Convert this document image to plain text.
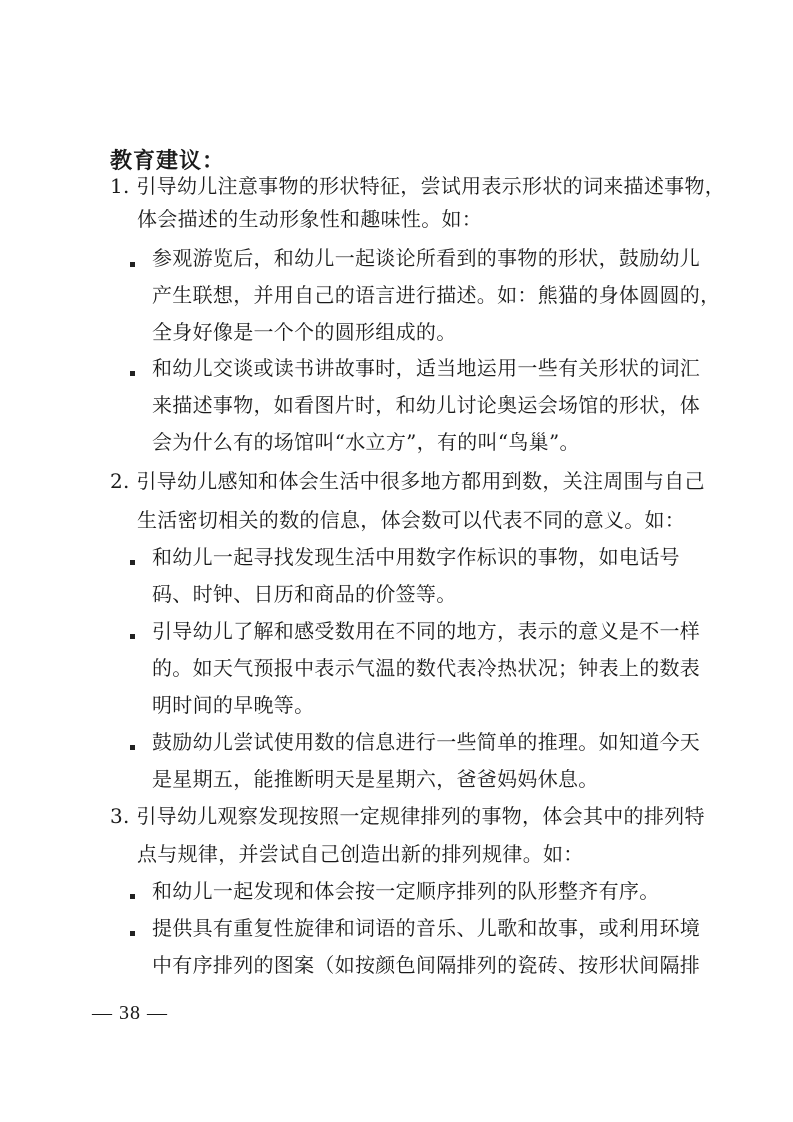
教育建议：
1. 引导幼儿注意事物的形状特征，尝试用表示形状的词来描述事物，
体会描述的生动形象性和趣味性。如：
参观游览后，和幼儿一起谈论所看到的事物的形状，鼓励幼儿
产生联想，并用自己的语言进行描述。如：熊猫的身体圆圆的，
全身好像是一个个的圆形组成的。
和幼儿交谈或读书讲故事时，适当地运用一些有关形状的词汇
来描述事物，如看图片时，和幼儿讨论奥运会场馆的形状，体
会为什么有的场馆叫“水立方”，有的叫“鸟巢”。
2. 引导幼儿感知和体会生活中很多地方都用到数，关注周围与自己
生活密切相关的数的信息，体会数可以代表不同的意义。如：
和幼儿一起寻找发现生活中用数字作标识的事物，如电话号
码、时钟、日历和商品的价签等。
引导幼儿了解和感受数用在不同的地方，表示的意义是不一样
的。如天气预报中表示气温的数代表冷热状况；钟表上的数表
明时间的早晚等。
鼓励幼儿尝试使用数的信息进行一些简单的推理。如知道今天
是星期五，能推断明天是星期六，爸爸妈妈休息。
3. 引导幼儿观察发现按照一定规律排列的事物，体会其中的排列特
点与规律，并尝试自己创造出新的排列规律。如：
和幼儿一起发现和体会按一定顺序排列的队形整齐有序。
提供具有重复性旋律和词语的音乐、儿歌和故事，或利用环境
中有序排列的图案（如按颜色间隔排列的瓷砖、按形状间隔排
— 38 —
